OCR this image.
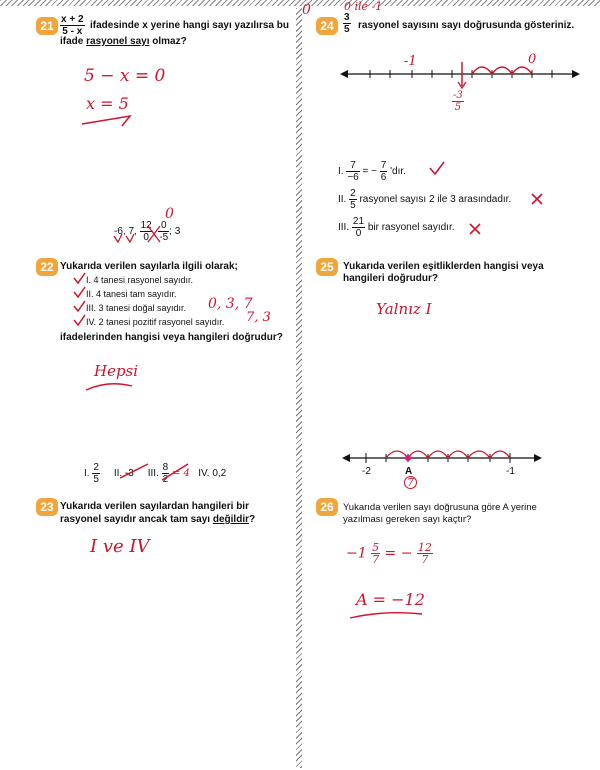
$21 \frac{x + 2}{5 - x}$ ifadesinde x yerine hangi sayı yazılırsa bu
ifade rasyonel sayı olmaz?
5 − x = 0
x = 5
0
-6, 7, $\frac{12}{0}$ , $\frac{0}{-5}$ ; 3
22 Yukarıda verilen sayılarla ilgili olarak;
I. 4 tanesi rasyonel sayıdır.
II. 4 tanesi tam sayıdır.
III. 3 tanesi doğal sayıdır.
IV. 2 tanesi pozitif rasyonel sayıdır.
0, 3, 7
7, 3
ifadelerinden hangisi veya hangileri doğrudur?
Hepsi
I. $\frac{2}{5}$ II. -3 III. $\frac{8}{2} = 4$ IV. 0,2
23 Yukarıda verilen sayılardan hangileri bir
rasyonel sayıdır ancak tam sayı değildir?
I ve IV
0	0 ile -1
$24 \frac{3}{5}$ rasyonel sayısını sayı doğrusunda gösteriniz.
-1	0
$\frac{-3}{5}$
I. $\frac{7}{-6}$ = − $\frac{7}{6}$ 'dır.
II. $\frac{2}{5}$ rasyonel sayısı 2 ile 3 arasındadır.
III. $\frac{21}{0}$ bir rasyonel sayıdır.
25 Yukarıda verilen eşitliklerden hangisi veya
hangileri doğrudur?
Yalnız I
-2	-1
A
7
26 Yukarıda verilen sayı doğrusuna göre A yerine
yazılması gereken sayı kaçtır?
$-1 \frac{5}{7}$ = − $\frac{12}{7}$
A = −12
